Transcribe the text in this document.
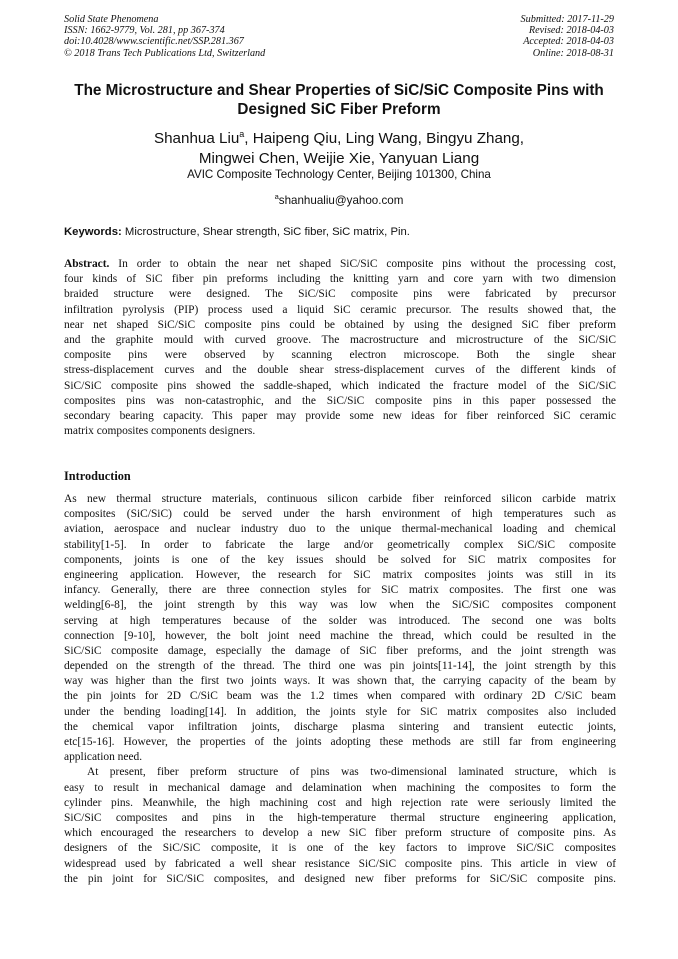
Solid State Phenomena
ISSN: 1662-9779, Vol. 281, pp 367-374
doi:10.4028/www.scientific.net/SSP.281.367
© 2018 Trans Tech Publications Ltd, Switzerland
Submitted: 2017-11-29
Revised: 2018-04-03
Accepted: 2018-04-03
Online: 2018-08-31
The Microstructure and Shear Properties of SiC/SiC Composite Pins with
Designed SiC Fiber Preform
Shanhua Liu$^a$, Haipeng Qiu, Ling Wang, Bingyu Zhang,
Mingwei Chen, Weijie Xie, Yanyuan Liang
AVIC Composite Technology Center, Beijing 101300, China
$^a$shanhualiu@yahoo.com
Keywords: Microstructure, Shear strength, SiC fiber, SiC matrix, Pin.
Abstract. In order to obtain the near net shaped SiC/SiC composite pins without the processing cost,
four kinds of SiC fiber pin preforms including the knitting yarn and core yarn with two dimension
braided structure were designed. The SiC/SiC composite pins were fabricated by precursor
infiltration pyrolysis (PIP) process used a liquid SiC ceramic precursor. The results showed that, the
near net shaped SiC/SiC composite pins could be obtained by using the designed SiC fiber preform
and the graphite mould with curved groove. The macrostructure and microstructure of the SiC/SiC
composite pins were observed by scanning electron microscope. Both the single shear
stress-displacement curves and the double shear stress-displacement curves of the different kinds of
SiC/SiC composite pins showed the saddle-shaped, which indicated the fracture model of the SiC/SiC
composites pins was non-catastrophic, and the SiC/SiC composite pins in this paper possessed the
secondary bearing capacity. This paper may provide some new ideas for fiber reinforced SiC ceramic
matrix composites components designers.
Introduction
As new thermal structure materials, continuous silicon carbide fiber reinforced silicon carbide matrix
composites (SiC/SiC) could be served under the harsh environment of high temperatures such as
aviation, aerospace and nuclear industry duo to the unique thermal-mechanical loading and chemical
stability[1-5]. In order to fabricate the large and/or geometrically complex SiC/SiC composite
components, joints is one of the key issues should be solved for SiC matrix composites for
engineering application. However, the research for SiC matrix composites joints was still in its
infancy. Generally, there are three connection styles for SiC matrix composites. The first one was
welding[6-8], the joint strength by this way was low when the SiC/SiC composites component
serving at high temperatures because of the solder was introduced. The second one was bolts
connection [9-10], however, the bolt joint need machine the thread, which could be resulted in the
SiC/SiC composite damage, especially the damage of SiC fiber preforms, and the joint strength was
depended on the strength of the thread. The third one was pin joints[11-14], the joint strength by this
way was higher than the first two joints ways. It was shown that, the carrying capacity of the beam by
the pin joints for 2D C/SiC beam was the 1.2 times when compared with ordinary 2D C/SiC beam
under the bending loading[14]. In addition, the joints style for SiC matrix composites also included
the chemical vapor infiltration joints, discharge plasma sintering and transient eutectic joints,
etc[15-16]. However, the properties of the joints adopting these methods are still far from engineering
application need.
At present, fiber preform structure of pins was two-dimensional laminated structure, which is
easy to result in mechanical damage and delamination when machining the composites to form the
cylinder pins. Meanwhile, the high machining cost and high rejection rate were seriously limited the
SiC/SiC composites and pins in the high-temperature thermal structure engineering application,
which encouraged the researchers to develop a new SiC fiber preform structure of composite pins. As
designers of the SiC/SiC composite, it is one of the key factors to improve SiC/SiC composites
widespread used by fabricated a well shear resistance SiC/SiC composite pins. This article in view of
the pin joint for SiC/SiC composites, and designed new fiber preforms for SiC/SiC composite pins.
